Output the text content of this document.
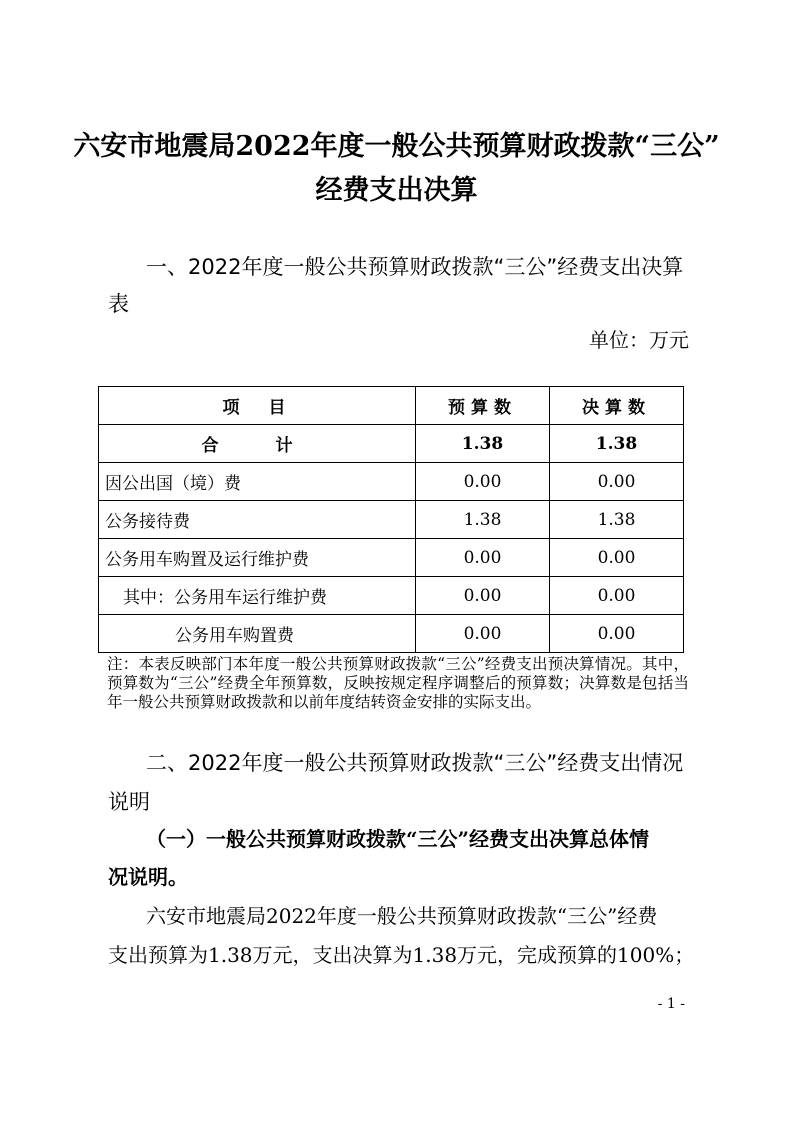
六安市地震局2022年度一般公共预算财政拨款“三公”
经费支出决算
一、2022年度一般公共预算财政拨款“三公”经费支出决算
表
单位：万元
项　目	预算数	决算数
合　计	1.38	1.38
因公出国（境）费	0.00	0.00
公务接待费	1.38	1.38
公务用车购置及运行维护费	0.00	0.00
其中：公务用车运行维护费	0.00	0.00
公务用车购置费	0.00	0.00
注：本表反映部门本年度一般公共预算财政拨款“三公”经费支出预决算情况。其中，预算数为“三公”经费全年预算数，反映按规定程序调整后的预算数；决算数是包括当年一般公共预算财政拨款和以前年度结转资金安排的实际支出。
二、2022年度一般公共预算财政拨款“三公”经费支出情况
说明
（一）一般公共预算财政拨款“三公”经费支出决算总体情
况说明。
六安市地震局2022年度一般公共预算财政拨款“三公”经费
支出预算为1.38万元，支出决算为1.38万元，完成预算的100%；
- 1 -
